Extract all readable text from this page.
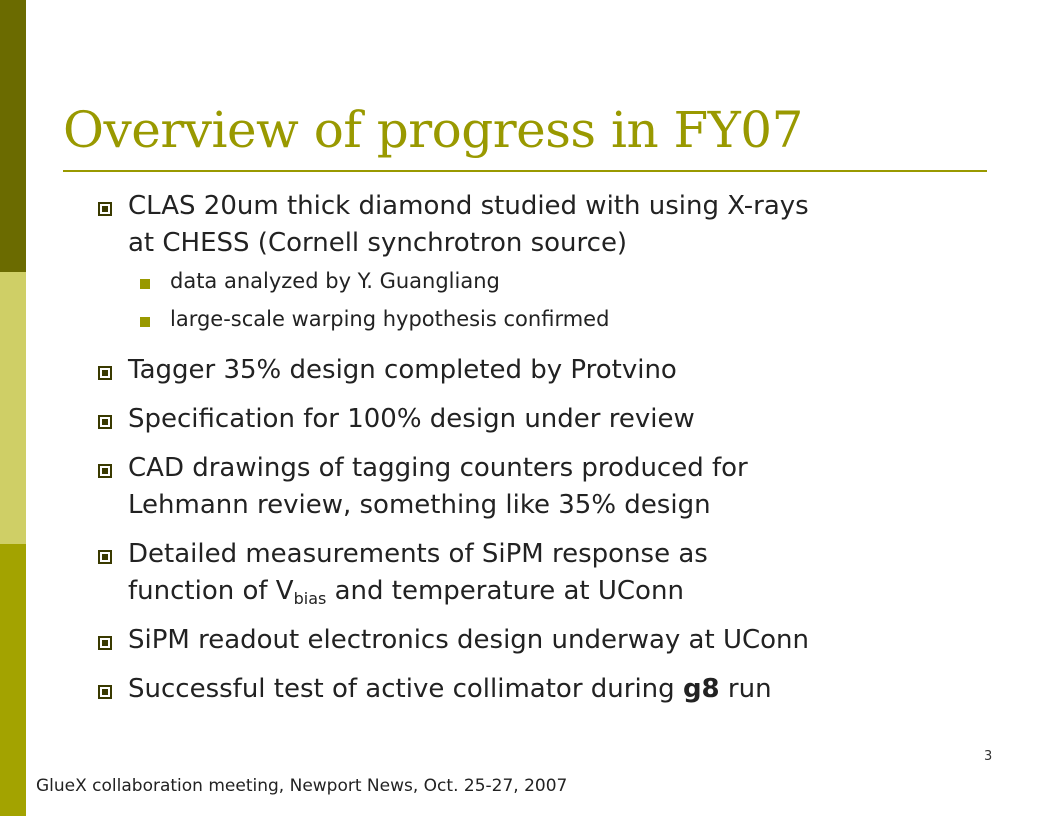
Overview of progress in FY07
CLAS 20um thick diamond studied with using X-rays
at CHESS (Cornell synchrotron source)
data analyzed by Y. Guangliang
large-scale warping hypothesis confirmed
Tagger 35% design completed by Protvino
Specification for 100% design under review
CAD drawings of tagging counters produced for
Lehmann review, something like 35% design
Detailed measurements of SiPM response as
function of $V_{bias}$ and temperature at UConn
SiPM readout electronics design underway at UConn
Successful test of active collimator during g8 run
3
GlueX collaboration meeting, Newport News, Oct. 25-27, 2007
